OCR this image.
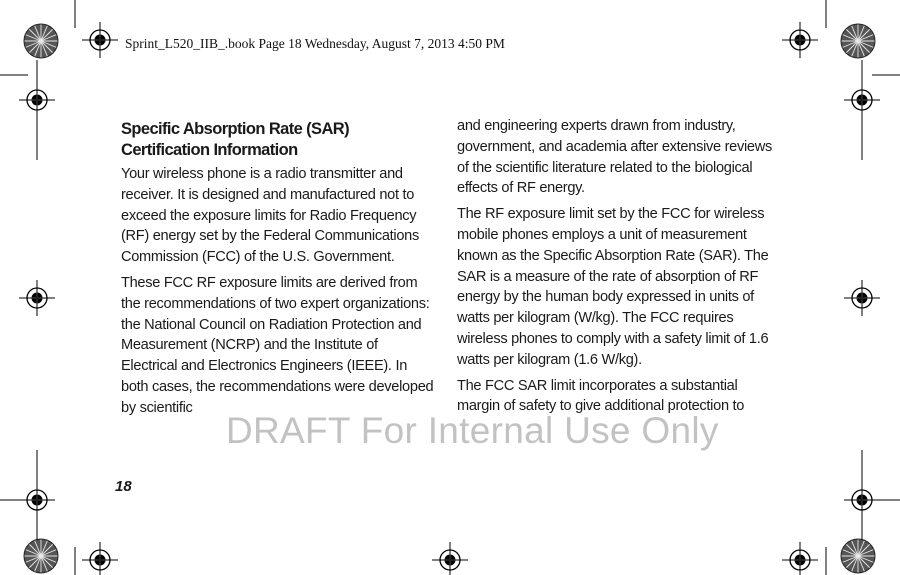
Sprint_L520_IIB_.book Page 18 Wednesday, August 7, 2013 4:50 PM
Specific Absorption Rate (SAR)
Certification Information

Your wireless phone is a radio transmitter and receiver. It is designed and manufactured not to exceed the exposure limits for Radio Frequency (RF) energy set by the Federal Communications Commission (FCC) of the U.S. Government.

These FCC RF exposure limits are derived from the recommendations of two expert organizations: the National Council on Radiation Protection and Measurement (NCRP) and the Institute of Electrical and Electronics Engineers (IEEE). In both cases, the recommendations were developed by scientific

and engineering experts drawn from industry, government, and academia after extensive reviews of the scientific literature related to the biological effects of RF energy.

The RF exposure limit set by the FCC for wireless mobile phones employs a unit of measurement known as the Specific Absorption Rate (SAR). The SAR is a measure of the rate of absorption of RF energy by the human body expressed in units of watts per kilogram (W/kg). The FCC requires wireless phones to comply with a safety limit of 1.6 watts per kilogram (1.6 W/kg).

The FCC SAR limit incorporates a substantial margin of safety to give additional protection to

DRAFT For Internal Use Only
18
